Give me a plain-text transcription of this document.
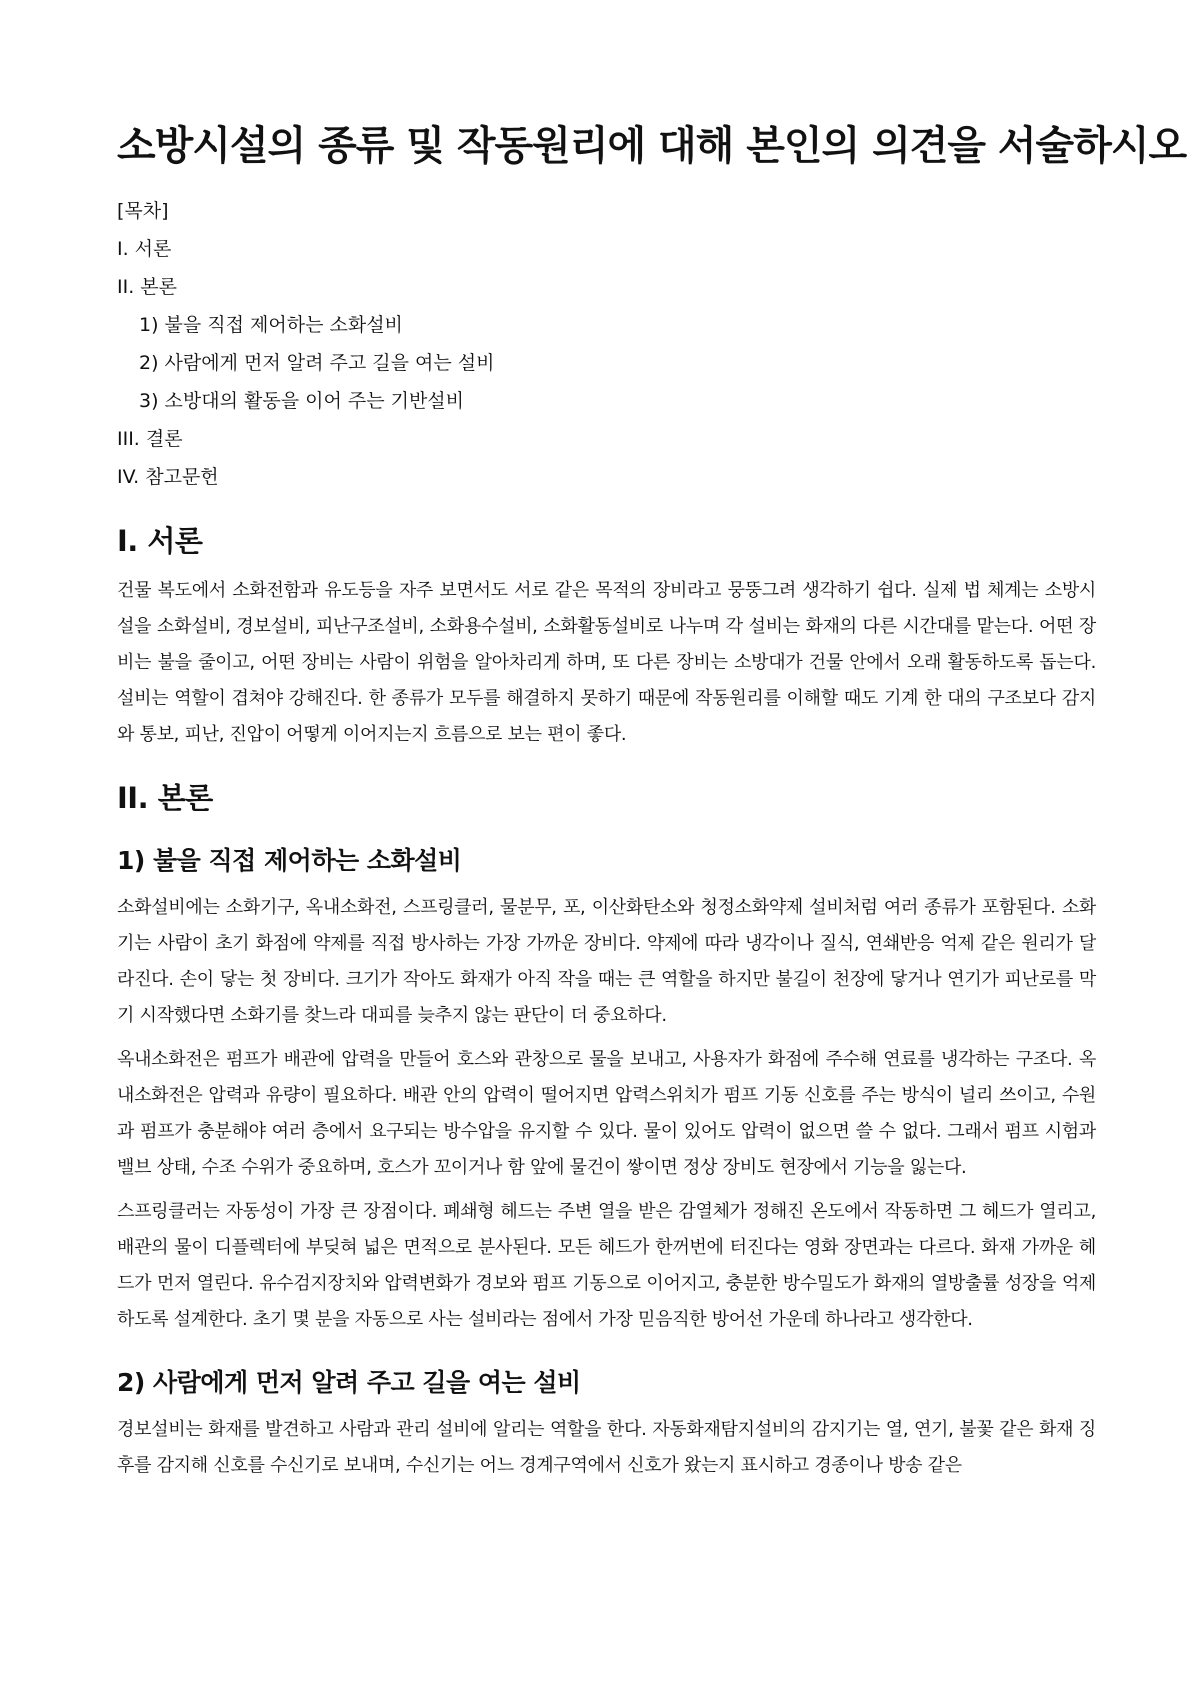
소방시설의 종류 및 작동원리에 대해 본인의 의견을 서술하시오
[목차]
I. 서론
II. 본론
1) 불을 직접 제어하는 소화설비
2) 사람에게 먼저 알려 주고 길을 여는 설비
3) 소방대의 활동을 이어 주는 기반설비
III. 결론
IV. 참고문헌
I. 서론

건물 복도에서 소화전함과 유도등을 자주 보면서도 서로 같은 목적의 장비라고 뭉뚱그려 생각하기 쉽다. 실제 법 체계는 소방시설을 소화설비, 경보설비, 피난구조설비, 소화용수설비, 소화활동설비로 나누며 각 설비는 화재의 다른 시간대를 맡는다. 어떤 장비는 불을 줄이고, 어떤 장비는 사람이 위험을 알아차리게 하며, 또 다른 장비는 소방대가 건물 안에서 오래 활동하도록 돕는다. 설비는 역할이 겹쳐야 강해진다. 한 종류가 모두를 해결하지 못하기 때문에 작동원리를 이해할 때도 기계 한 대의 구조보다 감지와 통보, 피난, 진압이 어떻게 이어지는지 흐름으로 보는 편이 좋다.

II. 본론
1) 불을 직접 제어하는 소화설비

소화설비에는 소화기구, 옥내소화전, 스프링클러, 물분무, 포, 이산화탄소와 청정소화약제 설비처럼 여러 종류가 포함된다. 소화기는 사람이 초기 화점에 약제를 직접 방사하는 가장 가까운 장비다. 약제에 따라 냉각이나 질식, 연쇄반응 억제 같은 원리가 달라진다. 손이 닿는 첫 장비다. 크기가 작아도 화재가 아직 작을 때는 큰 역할을 하지만 불길이 천장에 닿거나 연기가 피난로를 막기 시작했다면 소화기를 찾느라 대피를 늦추지 않는 판단이 더 중요하다.

옥내소화전은 펌프가 배관에 압력을 만들어 호스와 관창으로 물을 보내고, 사용자가 화점에 주수해 연료를 냉각하는 구조다. 옥내소화전은 압력과 유량이 필요하다. 배관 안의 압력이 떨어지면 압력스위치가 펌프 기동 신호를 주는 방식이 널리 쓰이고, 수원과 펌프가 충분해야 여러 층에서 요구되는 방수압을 유지할 수 있다. 물이 있어도 압력이 없으면 쓸 수 없다. 그래서 펌프 시험과 밸브 상태, 수조 수위가 중요하며, 호스가 꼬이거나 함 앞에 물건이 쌓이면 정상 장비도 현장에서 기능을 잃는다.

스프링클러는 자동성이 가장 큰 장점이다. 폐쇄형 헤드는 주변 열을 받은 감열체가 정해진 온도에서 작동하면 그 헤드가 열리고, 배관의 물이 디플렉터에 부딪혀 넓은 면적으로 분사된다. 모든 헤드가 한꺼번에 터진다는 영화 장면과는 다르다. 화재 가까운 헤드가 먼저 열린다. 유수검지장치와 압력변화가 경보와 펌프 기동으로 이어지고, 충분한 방수밀도가 화재의 열방출률 성장을 억제하도록 설계한다. 초기 몇 분을 자동으로 사는 설비라는 점에서 가장 믿음직한 방어선 가운데 하나라고 생각한다.

2) 사람에게 먼저 알려 주고 길을 여는 설비

경보설비는 화재를 발견하고 사람과 관리 설비에 알리는 역할을 한다. 자동화재탐지설비의 감지기는 열, 연기, 불꽃 같은 화재 징후를 감지해 신호를 수신기로 보내며, 수신기는 어느 경계구역에서 신호가 왔는지 표시하고 경종이나 방송 같은
